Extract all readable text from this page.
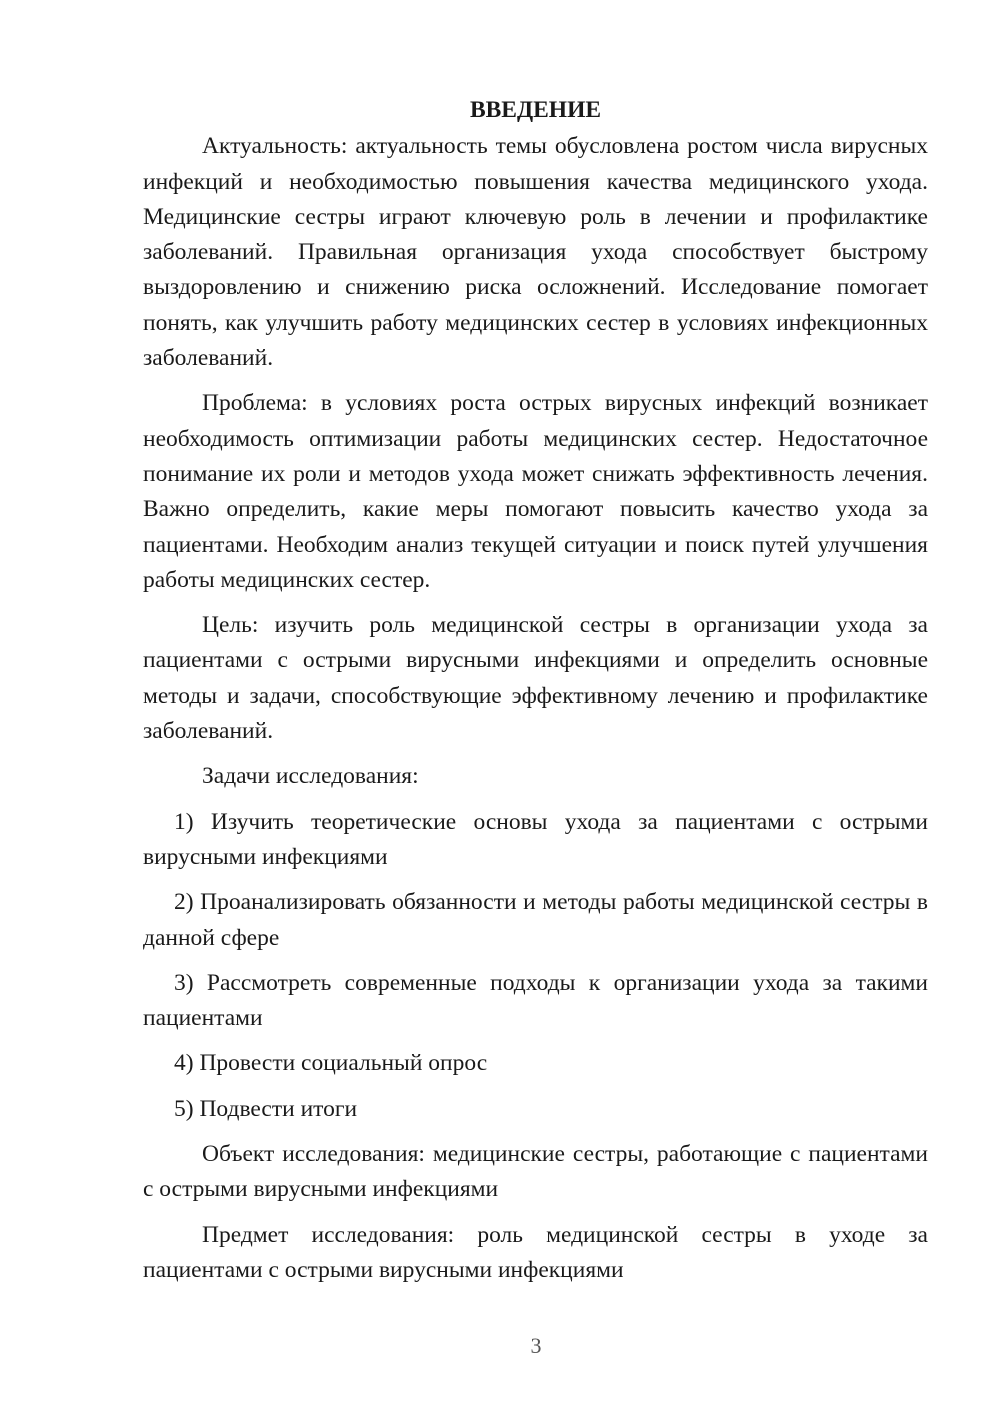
ВВЕДЕНИЕ

Актуальность: актуальность темы обусловлена ростом числа вирусных инфекций и необходимостью повышения качества медицинского ухода. Медицинские сестры играют ключевую роль в лечении и профилактике заболеваний. Правильная организация ухода способствует быстрому выздоровлению и снижению риска осложнений. Исследование помогает понять, как улучшить работу медицинских сестер в условиях инфекционных заболеваний.

Проблема: в условиях роста острых вирусных инфекций возникает необходимость оптимизации работы медицинских сестер. Недостаточное понимание их роли и методов ухода может снижать эффективность лечения. Важно определить, какие меры помогают повысить качество ухода за пациентами. Необходим анализ текущей ситуации и поиск путей улучшения работы медицинских сестер.

Цель: изучить роль медицинской сестры в организации ухода за пациентами с острыми вирусными инфекциями и определить основные методы и задачи, способствующие эффективному лечению и профилактике заболеваний.

Задачи исследования:

1) Изучить теоретические основы ухода за пациентами с острыми вирусными инфекциями

2) Проанализировать обязанности и методы работы медицинской сестры в данной сфере

3) Рассмотреть современные подходы к организации ухода за такими пациентами

4) Провести социальный опрос

5) Подвести итоги

Объект исследования: медицинские сестры, работающие с пациентами с острыми вирусными инфекциями

Предмет исследования: роль медицинской сестры в уходе за пациентами с острыми вирусными инфекциями

3
